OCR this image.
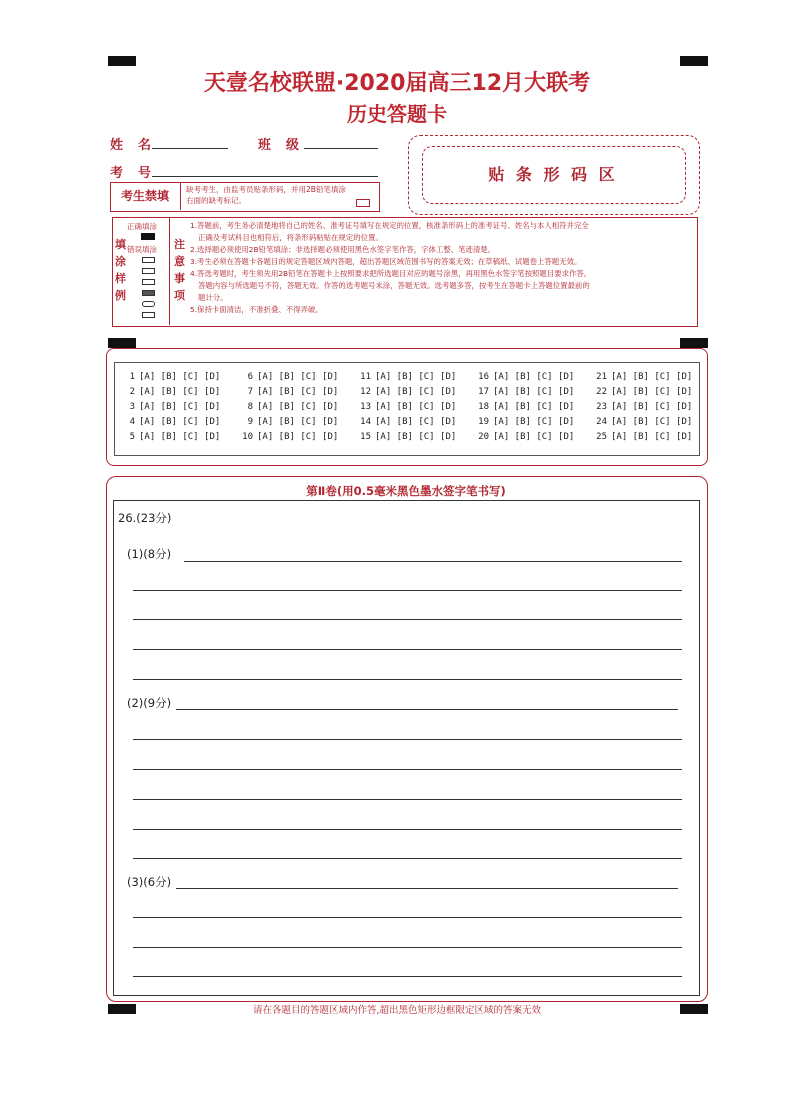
天壹名校联盟·2020届高三12月大联考
历史答题卡
姓　名	班　级
考　号
考生禁填	缺考考生，由监考员贴条形码，并用2B铅笔填涂右面的缺考标记。
贴 条 形 码 区
填涂样例
正确填涂
错误填涂 注意事项
1.答题前，考生务必清楚地将自己的姓名、准考证号填写在规定的位置，核准条形码上的准考证号、姓名与本人相符并完全
正确及考试科目也相符后，将条形码粘贴在规定的位置。
2.选择题必须使用2B铅笔填涂；非选择题必须使用黑色水签字笔作答，字体工整、笔迹清楚。
3.考生必须在答题卡各题目的规定答题区域内答题，超出答题区域范围书写的答案无效；在草稿纸、试题卷上答题无效。
4.答选考题时，考生须先用2B铅笔在答题卡上按照要求把所选题目对应的题号涂黑，再用黑色水签字笔按照题目要求作答。
答题内容与所选题号不符，答题无效。作答的选考题号未涂，答题无效。选考题多答，按考生在答题卡上答题位置最前的
题计分。
5.保持卡面清洁，不准折叠、不得弄破。
1 [A] [B] [C] [D]
2 [A] [B] [C] [D]
3 [A] [B] [C] [D]
4 [A] [B] [C] [D]
5 [A] [B] [C] [D]
6 [A] [B] [C] [D]
7 [A] [B] [C] [D]
8 [A] [B] [C] [D]
9 [A] [B] [C] [D]
10 [A] [B] [C] [D]
11 [A] [B] [C] [D]
12 [A] [B] [C] [D]
13 [A] [B] [C] [D]
14 [A] [B] [C] [D]
15 [A] [B] [C] [D]
16 [A] [B] [C] [D]
17 [A] [B] [C] [D]
18 [A] [B] [C] [D]
19 [A] [B] [C] [D]
20 [A] [B] [C] [D]
21 [A] [B] [C] [D]
22 [A] [B] [C] [D]
23 [A] [B] [C] [D]
24 [A] [B] [C] [D]
25 [A] [B] [C] [D]
第Ⅱ卷(用0.5毫米黑色墨水签字笔书写)
26.(23分)
(1)(8分)
(2)(9分)
(3)(6分)
请在各题目的答题区域内作答,超出黑色矩形边框限定区域的答案无效
